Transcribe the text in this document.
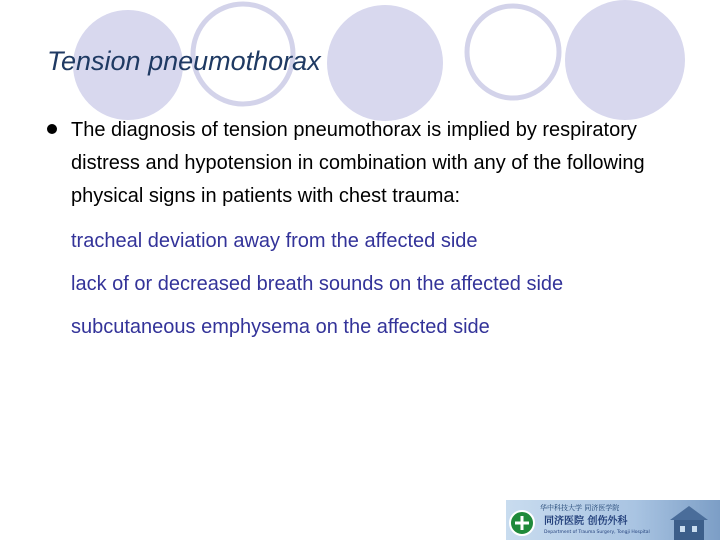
Tension pneumothorax
The diagnosis of tension pneumothorax is implied by respiratory distress and hypotension in combination with any of the following physical signs in patients with chest trauma:
tracheal deviation away from the affected side
lack of or decreased breath sounds on the affected side
subcutaneous emphysema on the affected side
华中科技大学 同济医学院
同济医院 创伤外科
Department of Trauma Surgery, Tongji Hospital
